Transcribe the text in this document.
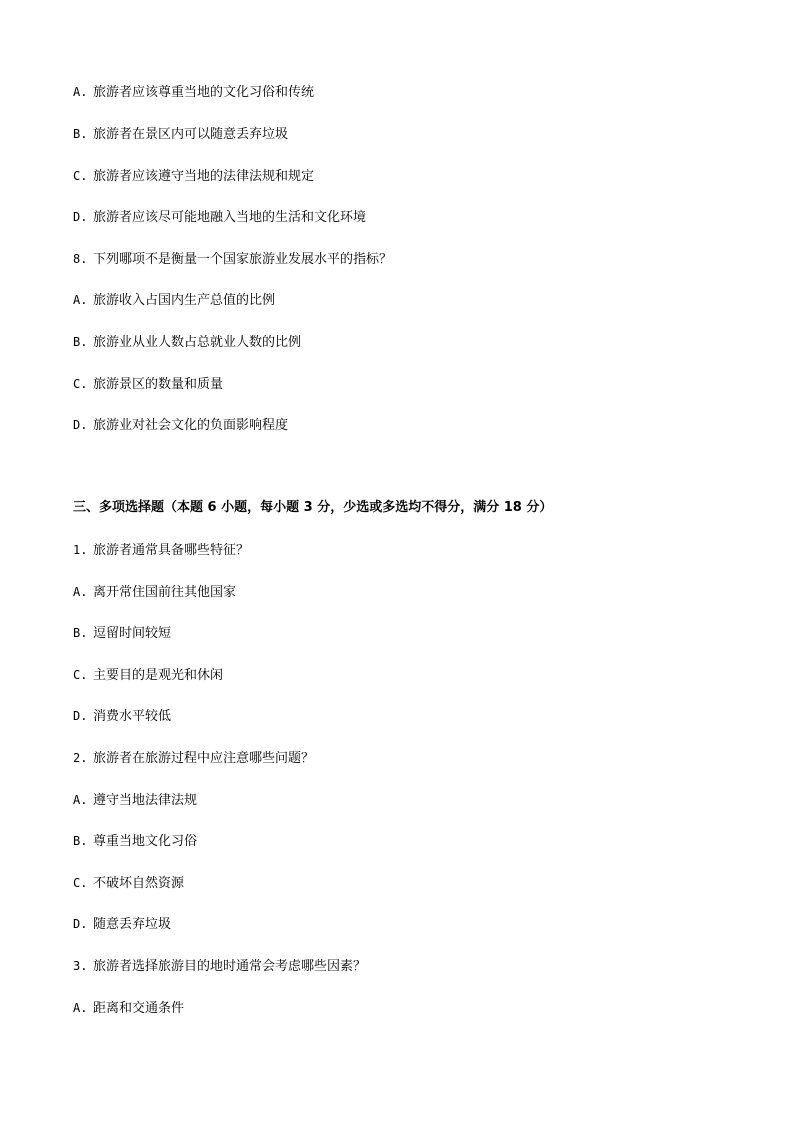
A. 旅游者应该尊重当地的文化习俗和传统
B. 旅游者在景区内可以随意丢弃垃圾
C. 旅游者应该遵守当地的法律法规和规定
D. 旅游者应该尽可能地融入当地的生活和文化环境
8. 下列哪项不是衡量一个国家旅游业发展水平的指标？
A. 旅游收入占国内生产总值的比例
B. 旅游业从业人数占总就业人数的比例
C. 旅游景区的数量和质量
D. 旅游业对社会文化的负面影响程度
三、多项选择题（本题 6 小题，每小题 3 分，少选或多选均不得分，满分 18 分）
1. 旅游者通常具备哪些特征？
A. 离开常住国前往其他国家
B. 逗留时间较短
C. 主要目的是观光和休闲
D. 消费水平较低
2. 旅游者在旅游过程中应注意哪些问题？
A. 遵守当地法律法规
B. 尊重当地文化习俗
C. 不破坏自然资源
D. 随意丢弃垃圾
3. 旅游者选择旅游目的地时通常会考虑哪些因素？
A. 距离和交通条件
